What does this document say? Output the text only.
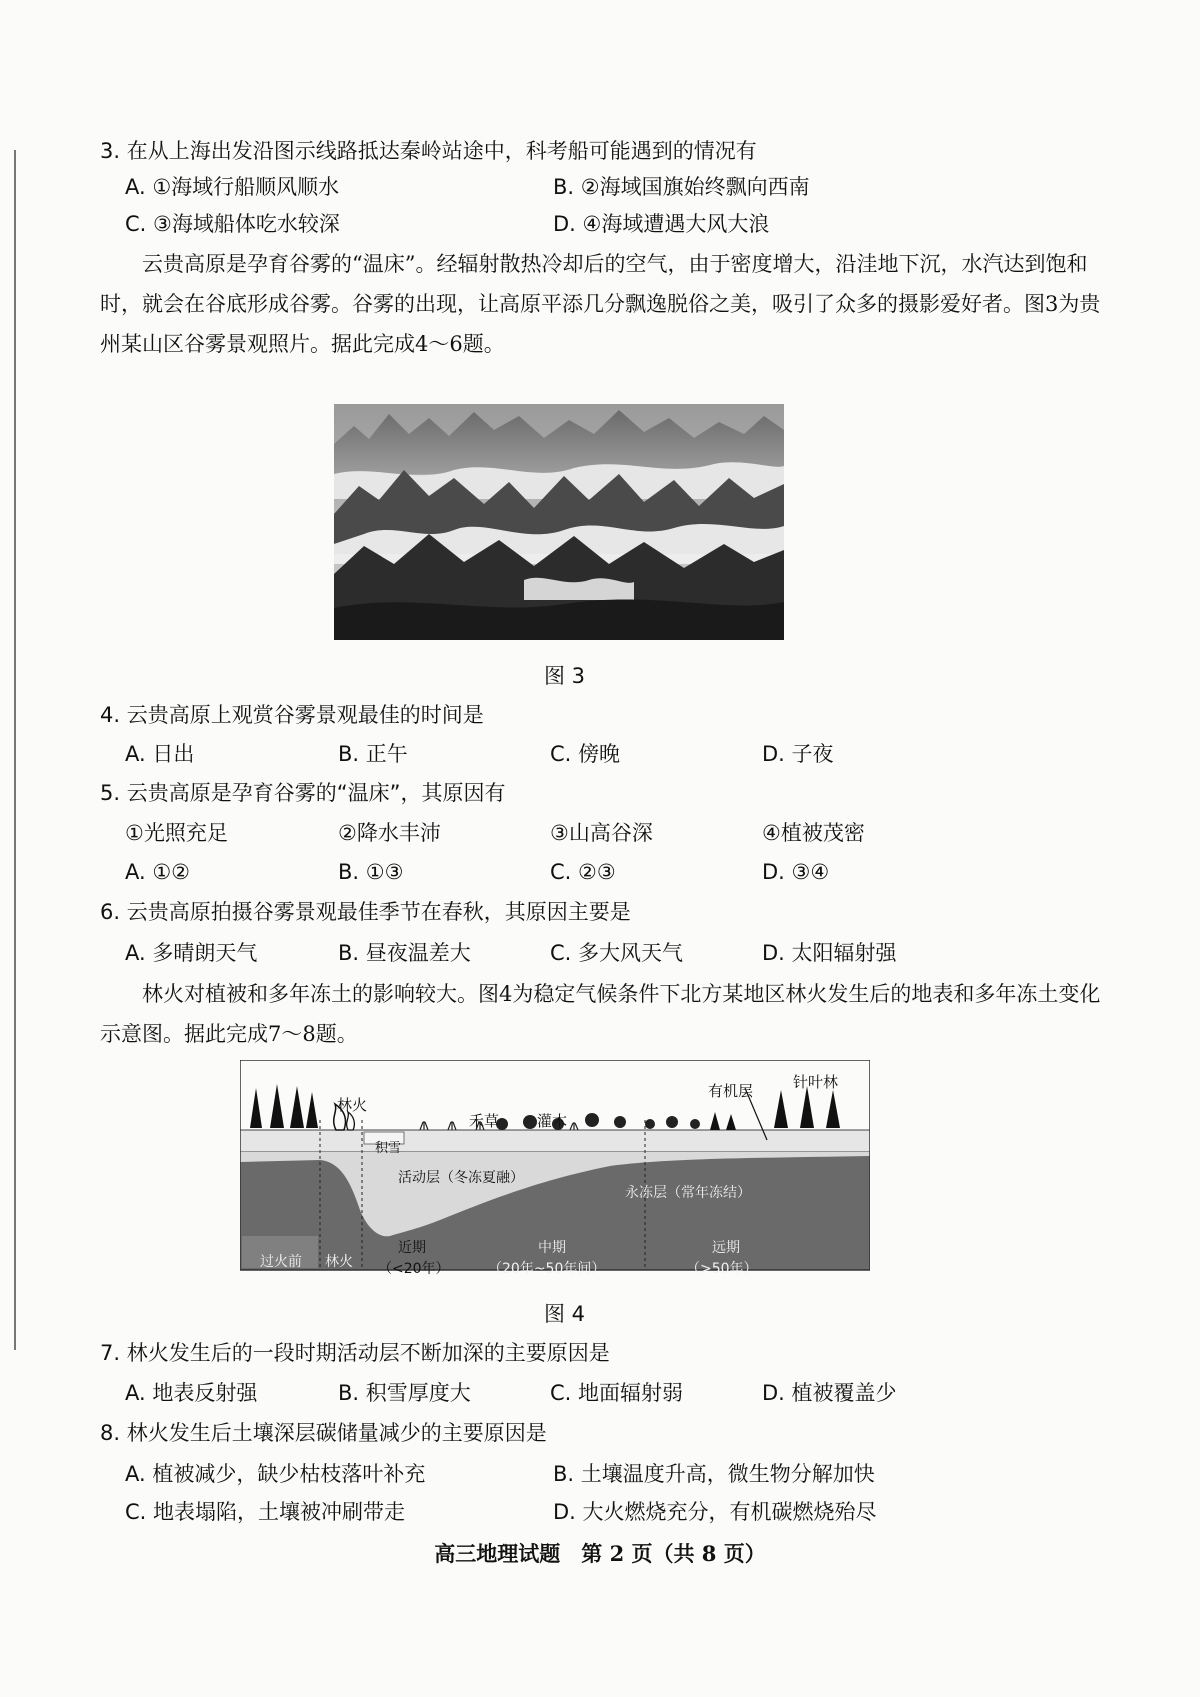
3. 在从上海出发沿图示线路抵达秦岭站途中，科考船可能遇到的情况有
A. ①海域行船顺风顺水	B. ②海域国旗始终飘向西南
C. ③海域船体吃水较深	D. ④海域遭遇大风大浪
云贵高原是孕育谷雾的“温床”。经辐射散热冷却后的空气，由于密度增大，沿洼地下沉，水汽达到饱和时，就会在谷底形成谷雾。谷雾的出现，让高原平添几分飘逸脱俗之美，吸引了众多的摄影爱好者。图3为贵州某山区谷雾景观照片。据此完成4～6题。
图 3
4. 云贵高原上观赏谷雾景观最佳的时间是
A. 日出	B. 正午	C. 傍晚	D. 子夜
5. 云贵高原是孕育谷雾的“温床”，其原因有
①光照充足	②降水丰沛	③山高谷深	④植被茂密
A. ①②	B. ①③	C. ②③	D. ③④
6. 云贵高原拍摄谷雾景观最佳季节在春秋，其原因主要是
A. 多晴朗天气	B. 昼夜温差大	C. 多大风天气	D. 太阳辐射强
林火对植被和多年冻土的影响较大。图4为稳定气候条件下北方某地区林火发生后的地表和多年冻土变化示意图。据此完成7～8题。
林火
禾草	灌木
有机层	针叶林
积雪
活动层（冬冻夏融）
永冻层（常年冻结）
过火前 林火
近期
（<20年）
中期
（20年~50年间）
远期
（>50年）
图 4
7. 林火发生后的一段时期活动层不断加深的主要原因是
A. 地表反射强	B. 积雪厚度大	C. 地面辐射弱	D. 植被覆盖少
8. 林火发生后土壤深层碳储量减少的主要原因是
A. 植被减少，缺少枯枝落叶补充	B. 土壤温度升高，微生物分解加快
C. 地表塌陷，土壤被冲刷带走	D. 大火燃烧充分，有机碳燃烧殆尽
高三地理试题　第 2 页（共 8 页）
